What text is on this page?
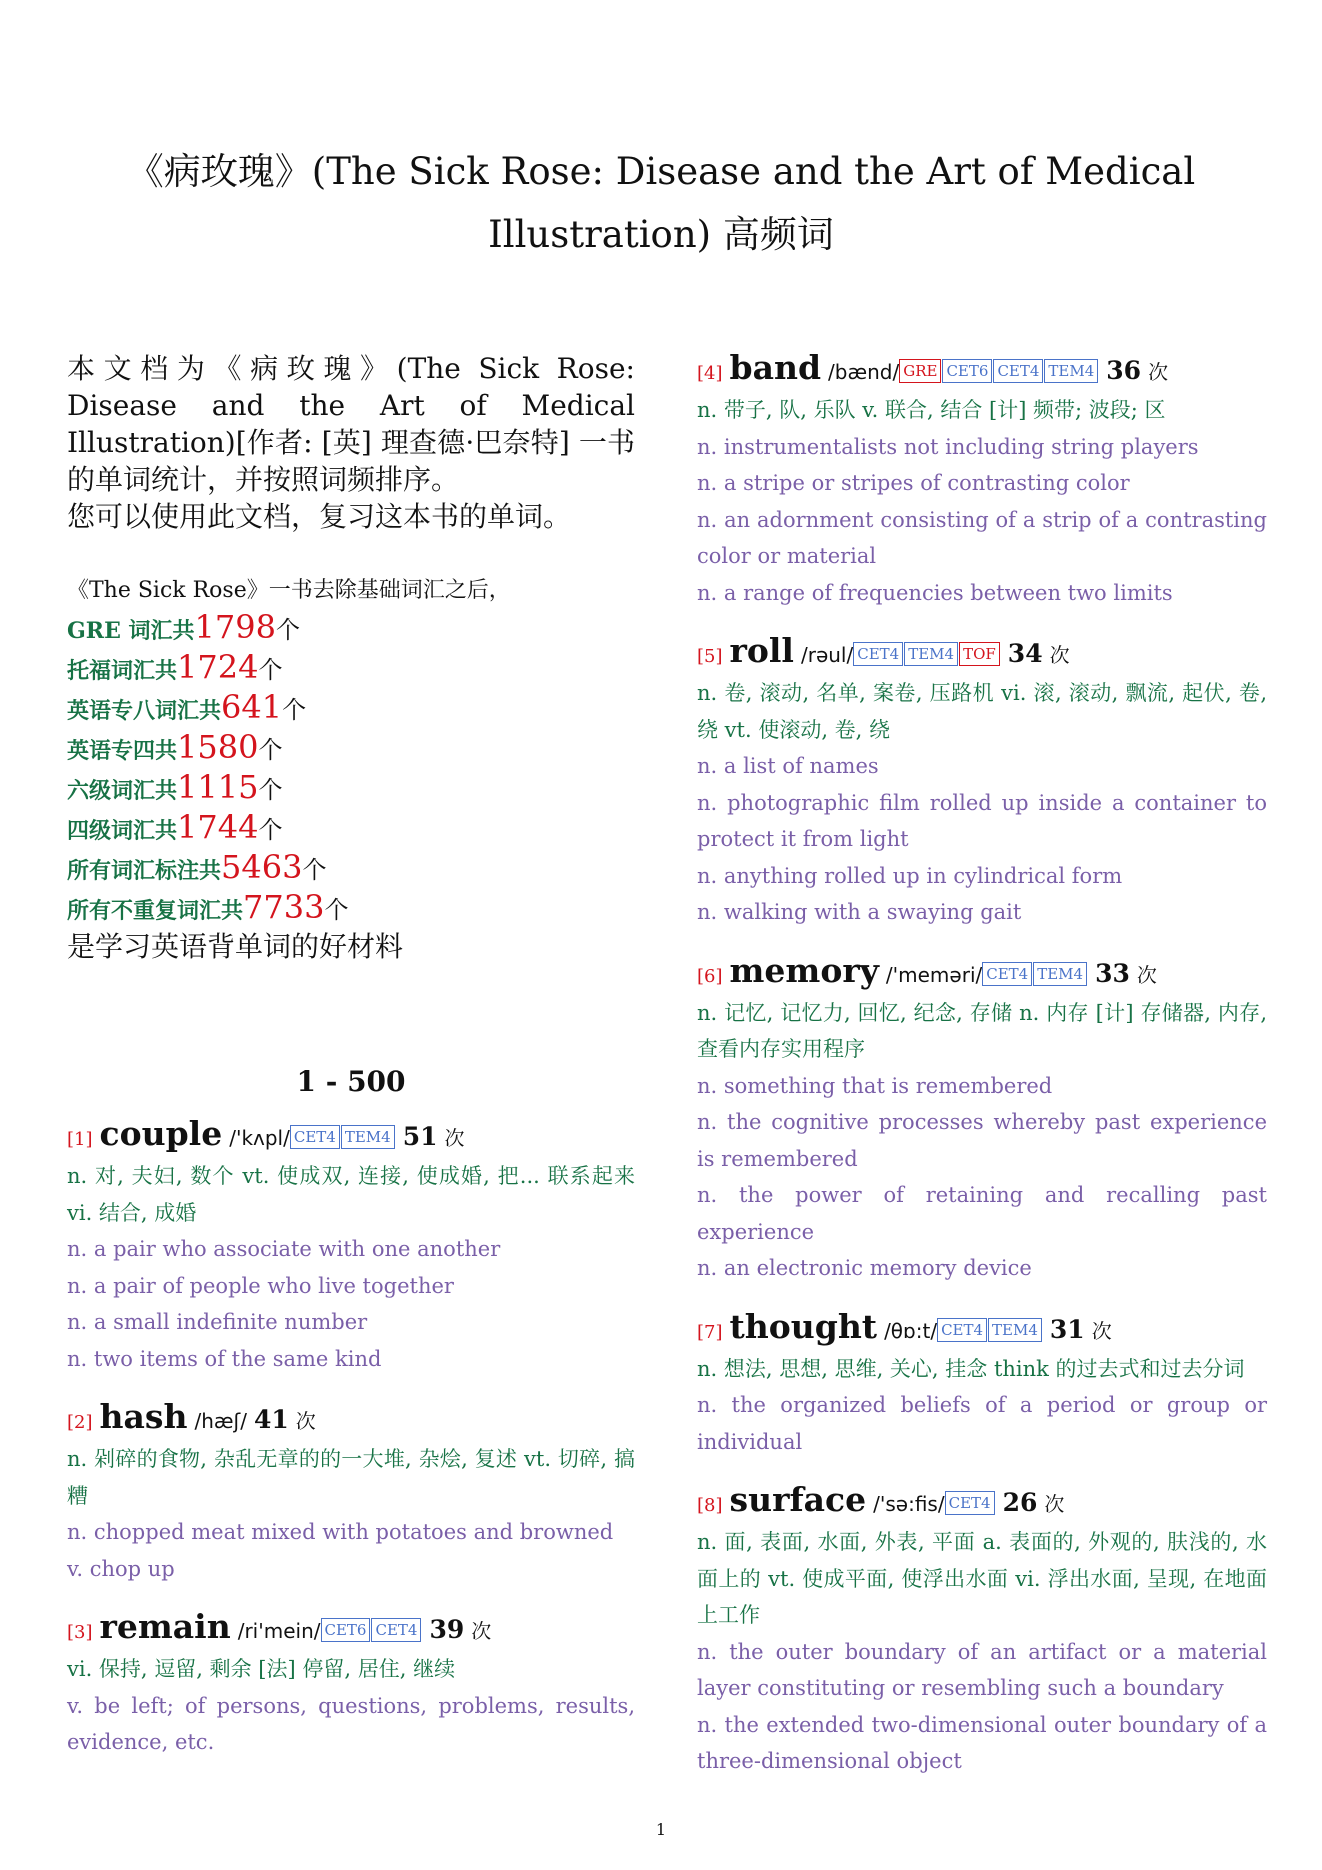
《病玫瑰》(The Sick Rose: Disease and the Art of Medical
Illustration) 高频词

本文档为《病玫瑰》(The Sick Rose: Disease and the Art of Medical Illustration)[作者: [英] 理查德·巴奈特] 一书的单词统计，并按照词频排序。

您可以使用此文档，复习这本书的单词。

《The Sick Rose》一书去除基础词汇之后，
GRE 词汇共1798个
托福词汇共1724个
英语专八词汇共641个
英语专四共1580个
六级词汇共1115个
四级词汇共1744个
所有词汇标注共5463个
所有不重复词汇共7733个
是学习英语背单词的好材料
1 - 500
[1] couple /'kʌpl/ CET4 TEM4 51 次
n. 对, 夫妇, 数个 vt. 使成双, 连接, 使成婚, 把... 联系起来 vi. 结合, 成婚
n. a pair who associate with one another
n. a pair of people who live together
n. a small indefinite number
n. two items of the same kind
[2] hash /hæʃ/ 41 次
n. 剁碎的食物, 杂乱无章的的一大堆, 杂烩, 复述 vt. 切碎, 搞糟
n. chopped meat mixed with potatoes and browned
v. chop up
[3] remain /ri'mein/ CET6 CET4 39 次
vi. 保持, 逗留, 剩余 [法] 停留, 居住, 继续
v. be left; of persons, questions, problems, results, evidence, etc.
[4] band /bænd/ GRE CET6 CET4 TEM4 36 次
n. 带子, 队, 乐队 v. 联合, 结合 [计] 频带; 波段; 区
n. instrumentalists not including string players
n. a stripe or stripes of contrasting color
n. an adornment consisting of a strip of a contrasting color or material
n. a range of frequencies between two limits
[5] roll /rəul/ CET4 TEM4 TOF 34 次
n. 卷, 滚动, 名单, 案卷, 压路机 vi. 滚, 滚动, 飘流, 起伏, 卷, 绕 vt. 使滚动, 卷, 绕
n. a list of names
n. photographic film rolled up inside a container to protect it from light
n. anything rolled up in cylindrical form
n. walking with a swaying gait
[6] memory /'meməri/ CET4 TEM4 33 次
n. 记忆, 记忆力, 回忆, 纪念, 存储 n. 内存 [计] 存储器, 内存, 查看内存实用程序
n. something that is remembered
n. the cognitive processes whereby past experience is remembered
n. the power of retaining and recalling past experience
n. an electronic memory device
[7] thought /θɒ:t/ CET4 TEM4 31 次
n. 想法, 思想, 思维, 关心, 挂念 think 的过去式和过去分词
n. the organized beliefs of a period or group or individual
[8] surface /'sə:fis/ CET4 26 次
n. 面, 表面, 水面, 外表, 平面 a. 表面的, 外观的, 肤浅的, 水面上的 vt. 使成平面, 使浮出水面 vi. 浮出水面, 呈现, 在地面上工作
n. the outer boundary of an artifact or a material layer constituting or resembling such a boundary
n. the extended two-dimensional outer boundary of a three-dimensional object
1
